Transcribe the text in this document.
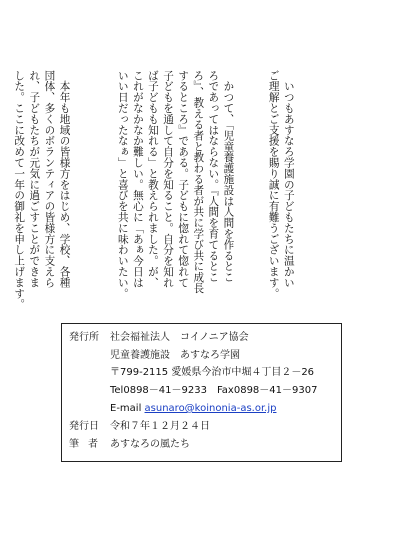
　いつもあすなろ学園の子どもたちに温かい
ご理解とご支援を賜り誠に有難うございます。

　かつて、「児童養護施設は人間を作るとこ
ろであってはならない。『人間を育てるとこ
ろ』、教える者と教わる者が共に学び共に成長
するところ』である。子どもに惚れて惚れて
子どもを通して自分を知ること。自分を知れ
ば子どもも知れる」と教えられました。が、
これがなかなか難しい。無心に「あぁ今日は
いい日だったなぁ」と喜びを共に味わいたい。

　本年も地域の皆様方をはじめ、学校、各種
団体、多くのボランティアの皆様方に支えら
れ、子どもたちが元気に過ごすことができま
した。ここに改めて一年の御礼を申し上げます。

発行所 社会福祉法人　コイノニア協会
児童養護施設　あすなろ学園
〒799-2115 愛媛県今治市中堀４丁目２－26
Tel0898－41－9233　Fax0898－41－9307
E-mail asunaro@koinonia-as.or.jp
発行日 令和７年１２月２４日
筆者 あすなろの風たち
